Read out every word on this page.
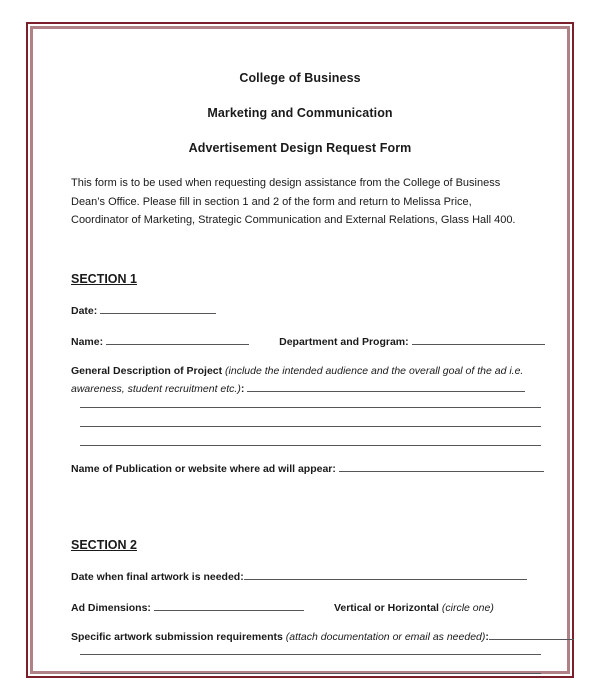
College of Business
Marketing and Communication
Advertisement Design Request Form
This form is to be used when requesting design assistance from the College of Business Dean’s Office. Please fill in section 1 and 2 of the form and return to Melissa Price, Coordinator of Marketing, Strategic Communication and External Relations, Glass Hall 400.
SECTION 1
Date:
Name:	Department and Program:
General Description of Project (include the intended audience and the overall goal of the ad i.e.
awareness, student recruitment etc.):
Name of Publication or website where ad will appear:
SECTION 2
Date when final artwork is needed:
Ad Dimensions:	Vertical or Horizontal (circle one)
Specific artwork submission requirements (attach documentation or email as needed):
